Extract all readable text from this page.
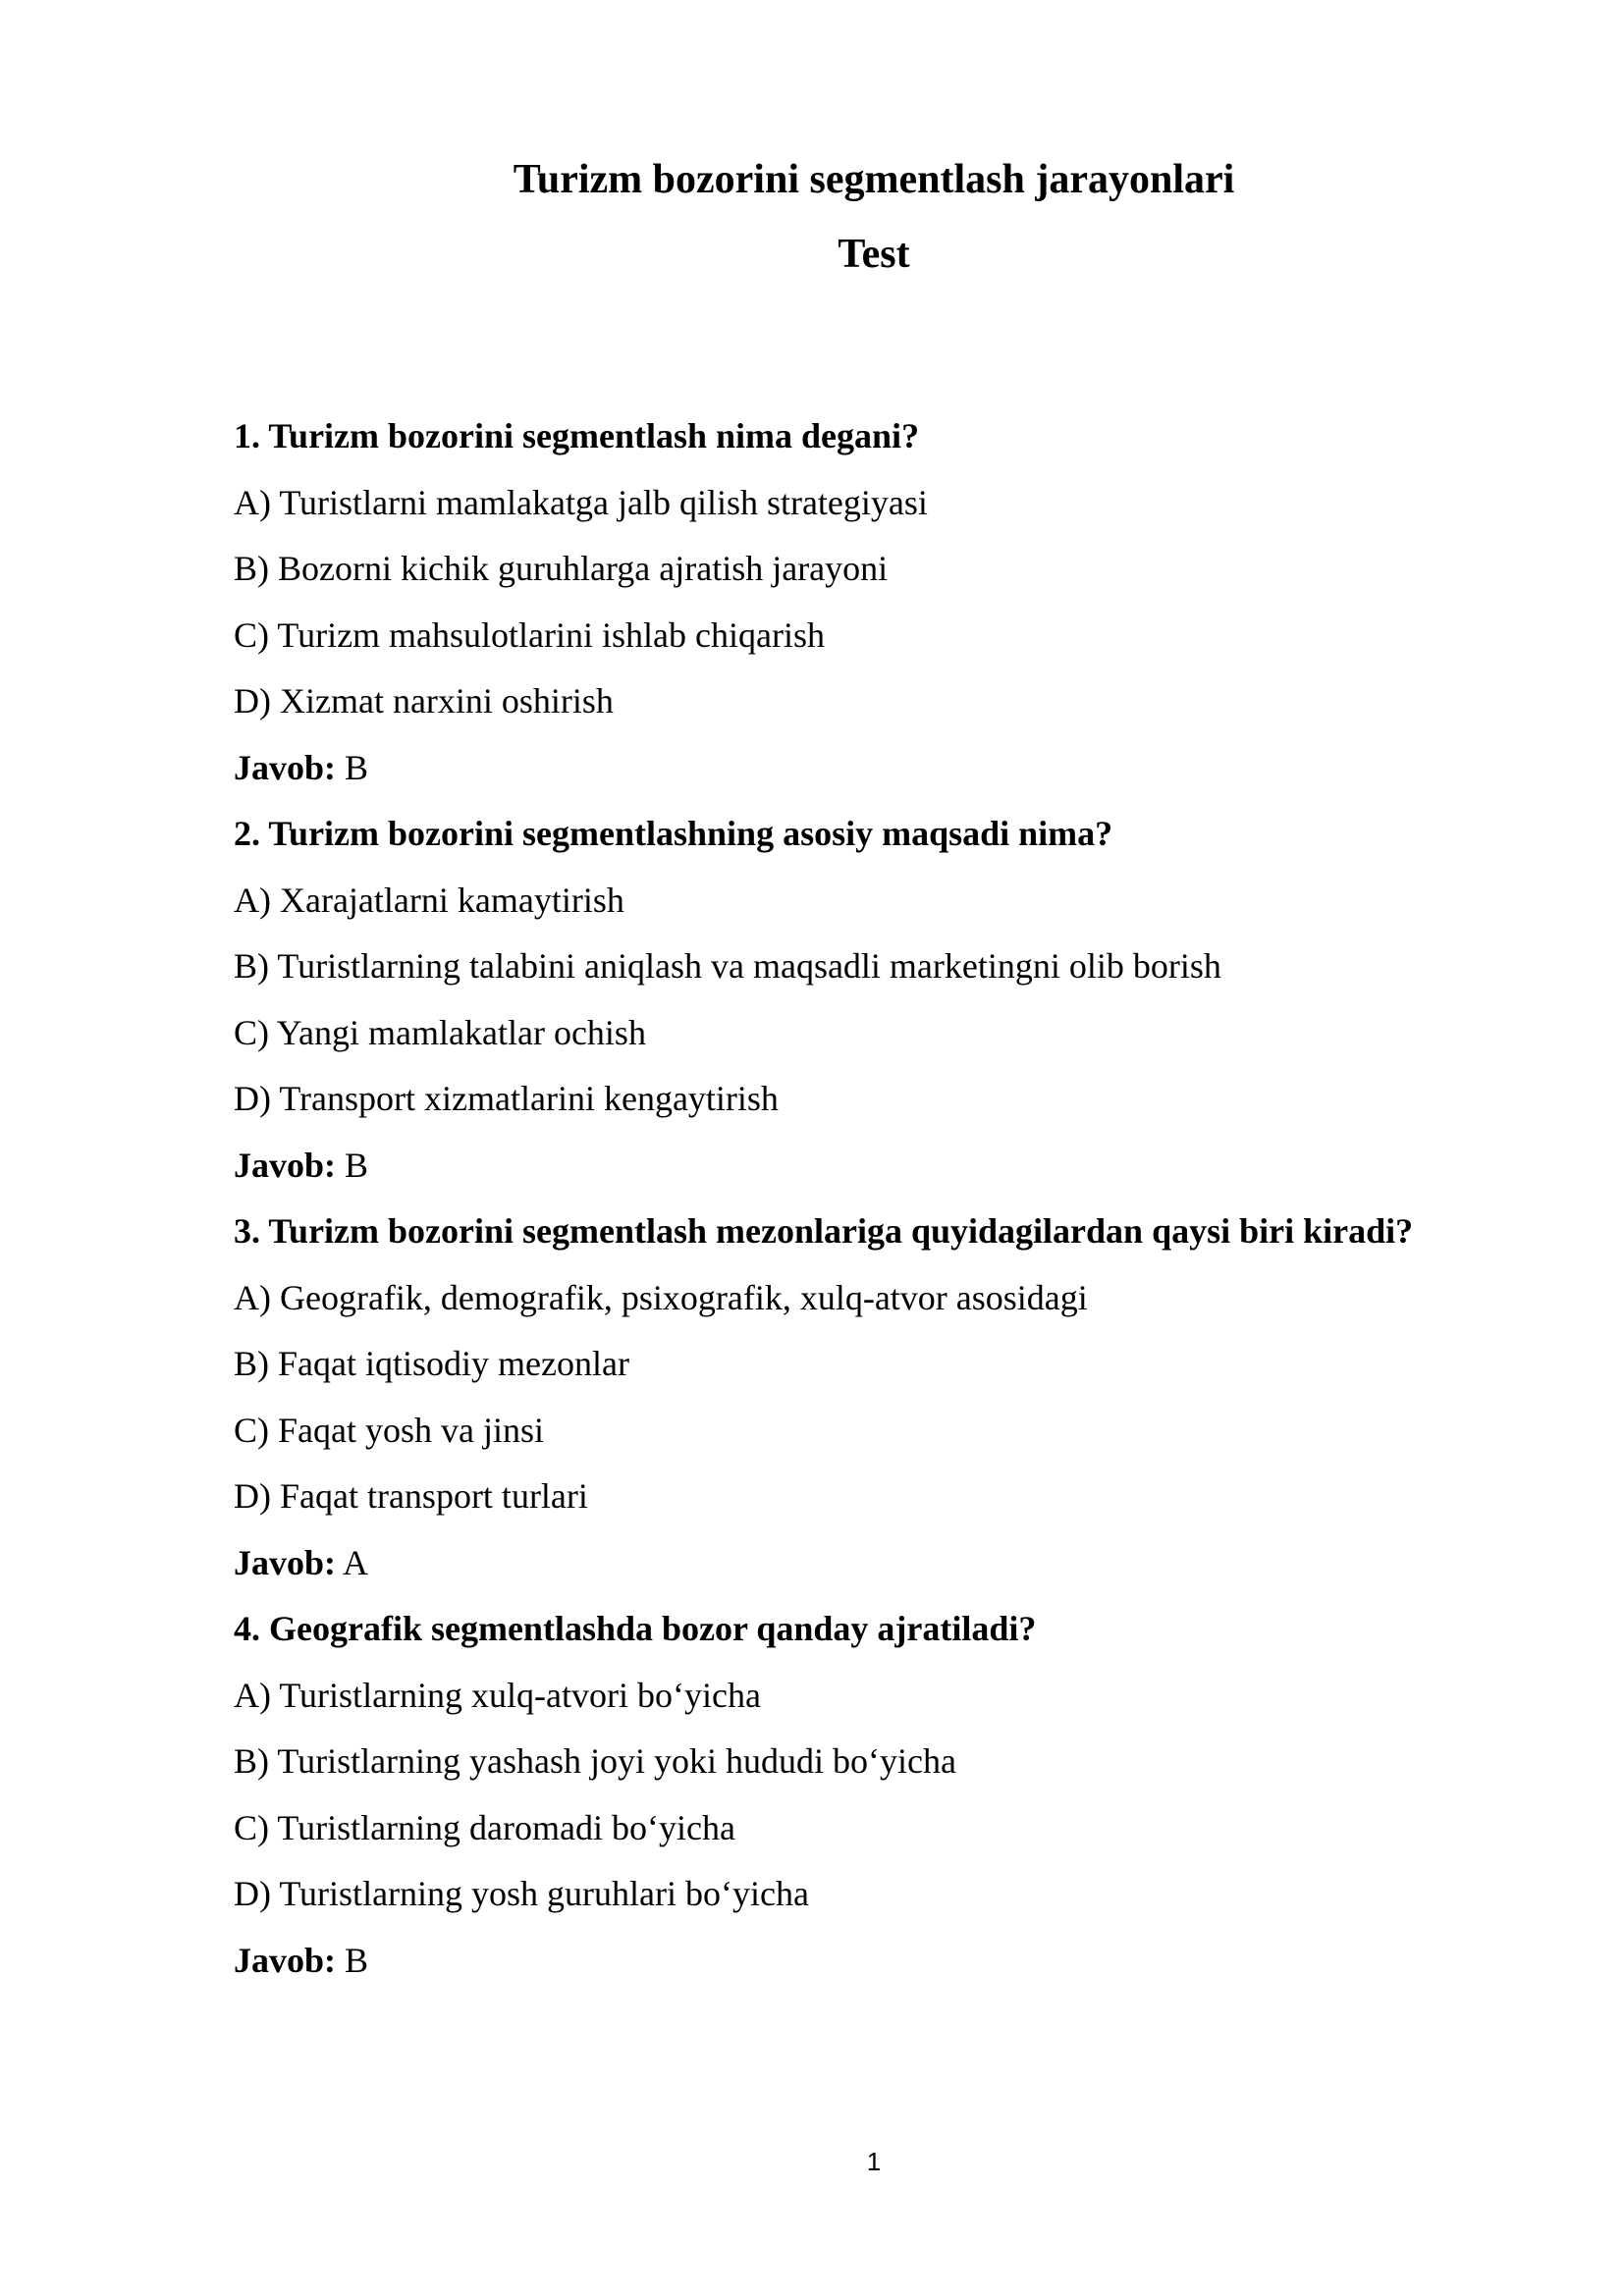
Turizm bozorini segmentlash jarayonlari
Test

1. Turizm bozorini segmentlash nima degani?

A) Turistlarni mamlakatga jalb qilish strategiyasi

B) Bozorni kichik guruhlarga ajratish jarayoni

C) Turizm mahsulotlarini ishlab chiqarish

D) Xizmat narxini oshirish

Javob: B

2. Turizm bozorini segmentlashning asosiy maqsadi nima?

A) Xarajatlarni kamaytirish

B) Turistlarning talabini aniqlash va maqsadli marketingni olib borish

C) Yangi mamlakatlar ochish

D) Transport xizmatlarini kengaytirish

Javob: B

3. Turizm bozorini segmentlash mezonlariga quyidagilardan qaysi biri kiradi?

A) Geografik, demografik, psixografik, xulq-atvor asosidagi

B) Faqat iqtisodiy mezonlar

C) Faqat yosh va jinsi

D) Faqat transport turlari

Javob: A

4. Geografik segmentlashda bozor qanday ajratiladi?

A) Turistlarning xulq-atvori bo‘yicha

B) Turistlarning yashash joyi yoki hududi bo‘yicha

C) Turistlarning daromadi bo‘yicha

D) Turistlarning yosh guruhlari bo‘yicha

Javob: B

1
